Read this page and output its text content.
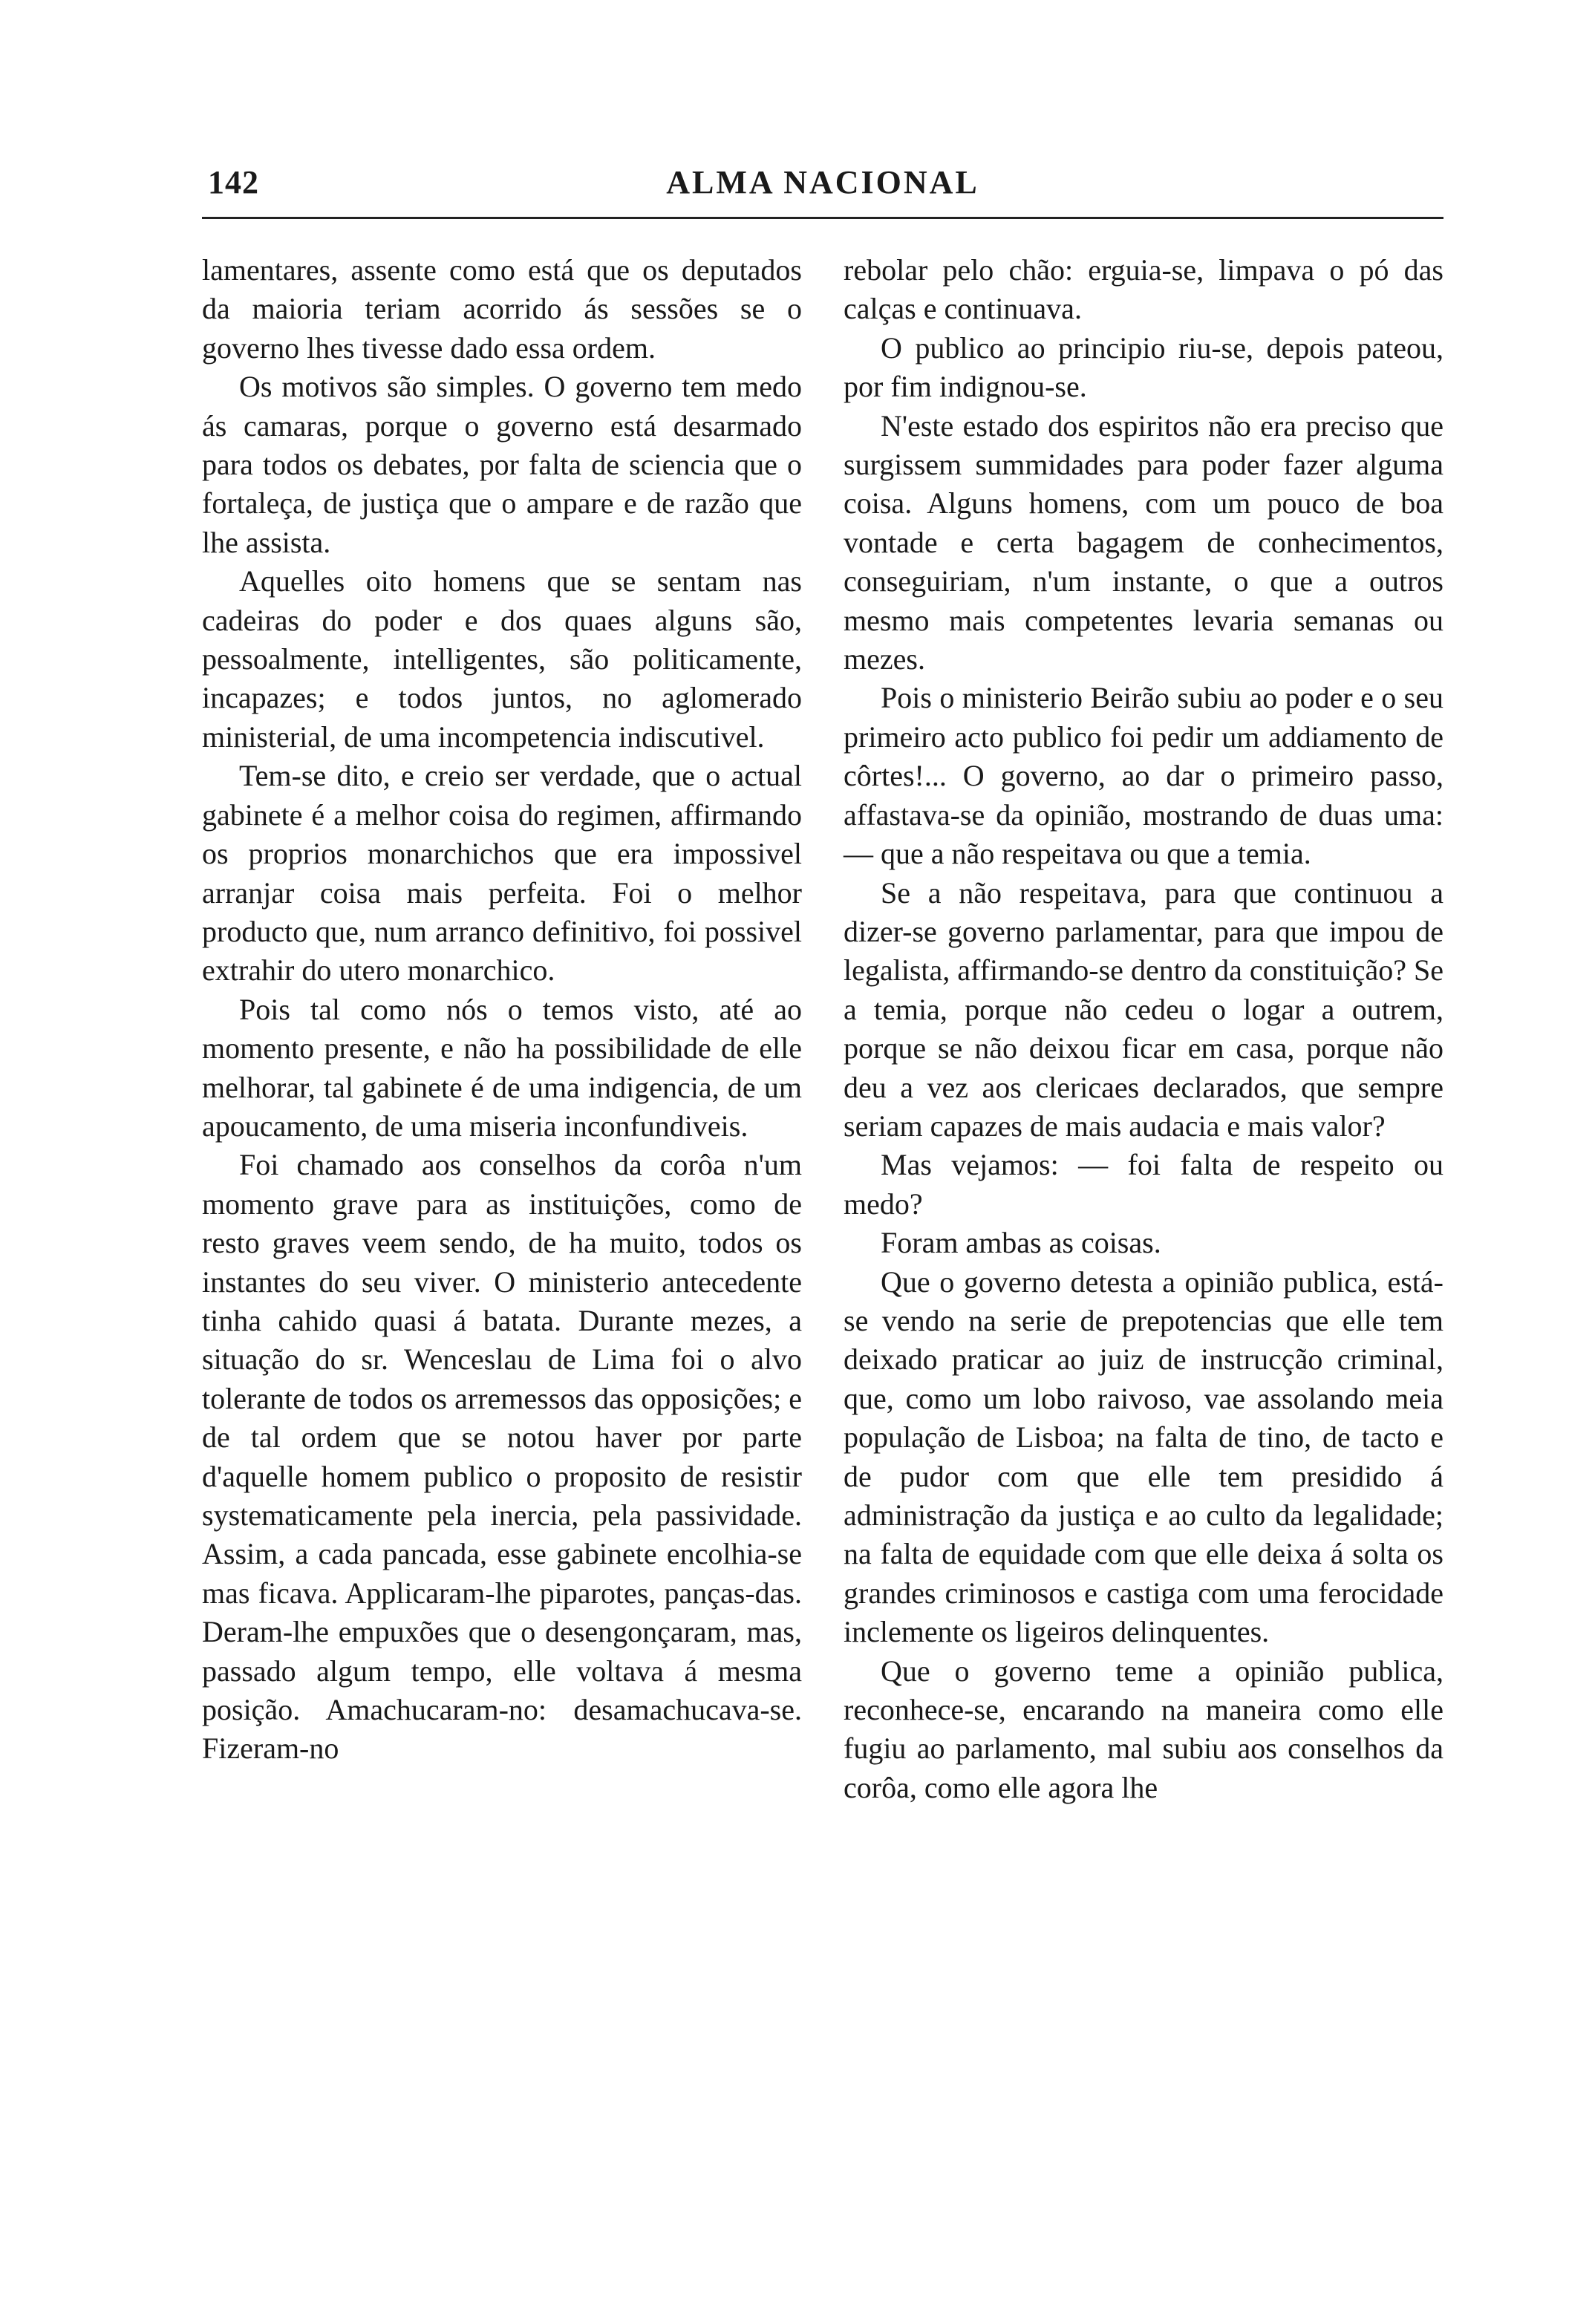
142	ALMA NACIONAL

lamentares, assente como está que os deputados da maioria teriam acorrido ás sessões se o governo lhes tivesse dado essa ordem.

Os motivos são simples. O governo tem medo ás camaras, porque o governo está desarmado para todos os debates, por falta de sciencia que o fortaleça, de justiça que o ampare e de razão que lhe assista.

Aquelles oito homens que se sentam nas cadeiras do poder e dos quaes alguns são, pessoalmente, intelligentes, são politicamente, incapazes; e todos juntos, no aglomerado ministerial, de uma incompetencia indiscutivel.

Tem-se dito, e creio ser verdade, que o actual gabinete é a melhor coisa do regimen, affirmando os proprios monarchichos que era impossivel arranjar coisa mais perfeita. Foi o melhor producto que, num arranco definitivo, foi possivel extrahir do utero monarchico.

Pois tal como nós o temos visto, até ao momento presente, e não ha possibilidade de elle melhorar, tal gabinete é de uma indigencia, de um apoucamento, de uma miseria inconfundiveis.

Foi chamado aos conselhos da corôa n'um momento grave para as instituições, como de resto graves veem sendo, de ha muito, todos os instantes do seu viver. O ministerio antecedente tinha cahido quasi á batata. Durante mezes, a situação do sr. Wenceslau de Lima foi o alvo tolerante de todos os arremessos das opposições; e de tal ordem que se notou haver por parte d'aquelle homem publico o proposito de resistir systematicamente pela inercia, pela passividade. Assim, a cada pancada, esse gabinete encolhia-se mas ficava. Applicaram-lhe piparotes, panças-das. Deram-lhe empuxões que o desengonçaram, mas, passado algum tempo, elle voltava á mesma posição. Amachucaram-no: desamachucava-se. Fizeram-no

rebolar pelo chão: erguia-se, limpava o pó das calças e continuava.

O publico ao principio riu-se, depois pateou, por fim indignou-se.

N'este estado dos espiritos não era preciso que surgissem summidades para poder fazer alguma coisa. Alguns homens, com um pouco de boa vontade e certa bagagem de conhecimentos, conseguiriam, n'um instante, o que a outros mesmo mais competentes levaria semanas ou mezes.

Pois o ministerio Beirão subiu ao poder e o seu primeiro acto publico foi pedir um addiamento de côrtes!... O governo, ao dar o primeiro passo, affastava-se da opinião, mostrando de duas uma: — que a não respeitava ou que a temia.

Se a não respeitava, para que continuou a dizer-se governo parlamentar, para que impou de legalista, affirmando-se dentro da constituição? Se a temia, porque não cedeu o logar a outrem, porque se não deixou ficar em casa, porque não deu a vez aos clericaes declarados, que sempre seriam capazes de mais audacia e mais valor?

Mas vejamos: — foi falta de respeito ou medo?

Foram ambas as coisas.

Que o governo detesta a opinião publica, está-se vendo na serie de prepotencias que elle tem deixado praticar ao juiz de instrucção criminal, que, como um lobo raivoso, vae assolando meia população de Lisboa; na falta de tino, de tacto e de pudor com que elle tem presidido á administração da justiça e ao culto da legalidade; na falta de equidade com que elle deixa á solta os grandes criminosos e castiga com uma ferocidade inclemente os ligeiros delinquentes.

Que o governo teme a opinião publica, reconhece-se, encarando na maneira como elle fugiu ao parlamento, mal subiu aos conselhos da corôa, como elle agora lhe
